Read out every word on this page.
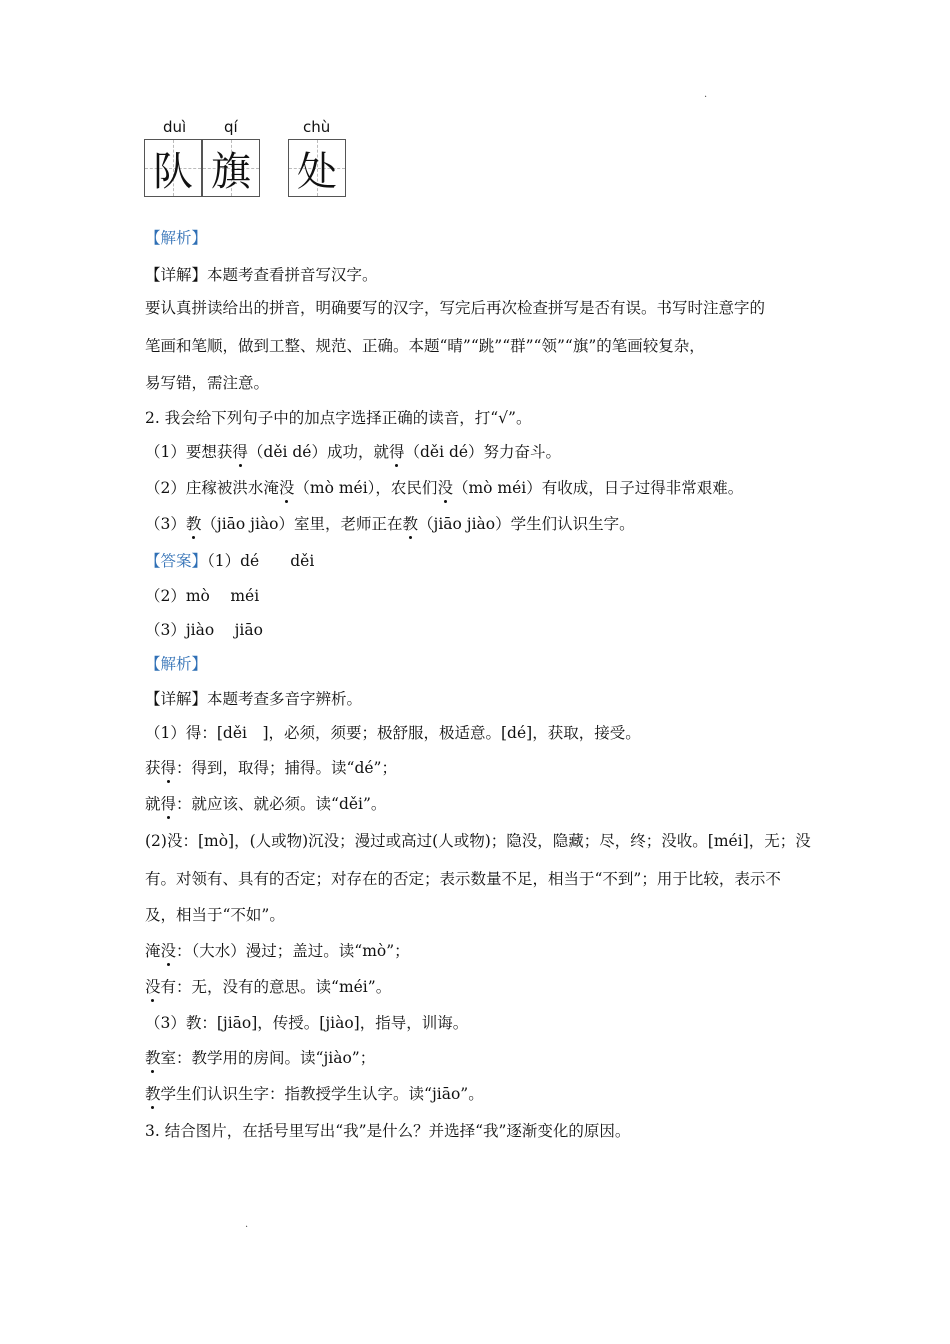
·
duì	qí	chù
队 旗 处
【解析】
【详解】本题考查看拼音写汉字。
要认真拼读给出的拼音，明确要写的汉字，写完后再次检查拼写是否有误。书写时注意字的
笔画和笔顺，做到工整、规范、正确。本题“晴”“跳”“群”“领”“旗”的笔画较复杂，
易写错，需注意。
2. 我会给下列句子中的加点字选择正确的读音，打“√”。
（1）要想获得（děi dé）成功，就得（děi dé）努力奋斗。
（2）庄稼被洪水淹没（mò méi），农民们没（mò méi）有收成，日子过得非常艰难。
（3）教（jiāo jiào）室里，老师正在教（jiāo jiào）学生们认识生字。
【答案】（1）dé　　děi
（2）mò　 méi
（3）jiào　 jiāo
【解析】
【详解】本题考查多音字辨析。
（1）得：[děi　]，必须，须要；极舒服，极适意。[dé]，获取，接受。
获得：得到，取得；捕得。读“dé”；
就得：就应该、就必须。读“děi”。
(2)没：[mò]，(人或物)沉没；漫过或高过(人或物)；隐没，隐藏；尽，终；没收。[méi]，无；没
有。对领有、具有的否定；对存在的否定；表示数量不足，相当于“不到”；用于比较，表示不
及，相当于“不如”。
淹没：（大水）漫过；盖过。读“mò”；
没有：无，没有的意思。读“méi”。
（3）教：[jiāo]，传授。[jiào]，指导，训诲。
教室：教学用的房间。读“jiào”；
教学生们认识生字：指教授学生认字。读“jiāo”。
3. 结合图片，在括号里写出“我”是什么？并选择“我”逐渐变化的原因。
·
